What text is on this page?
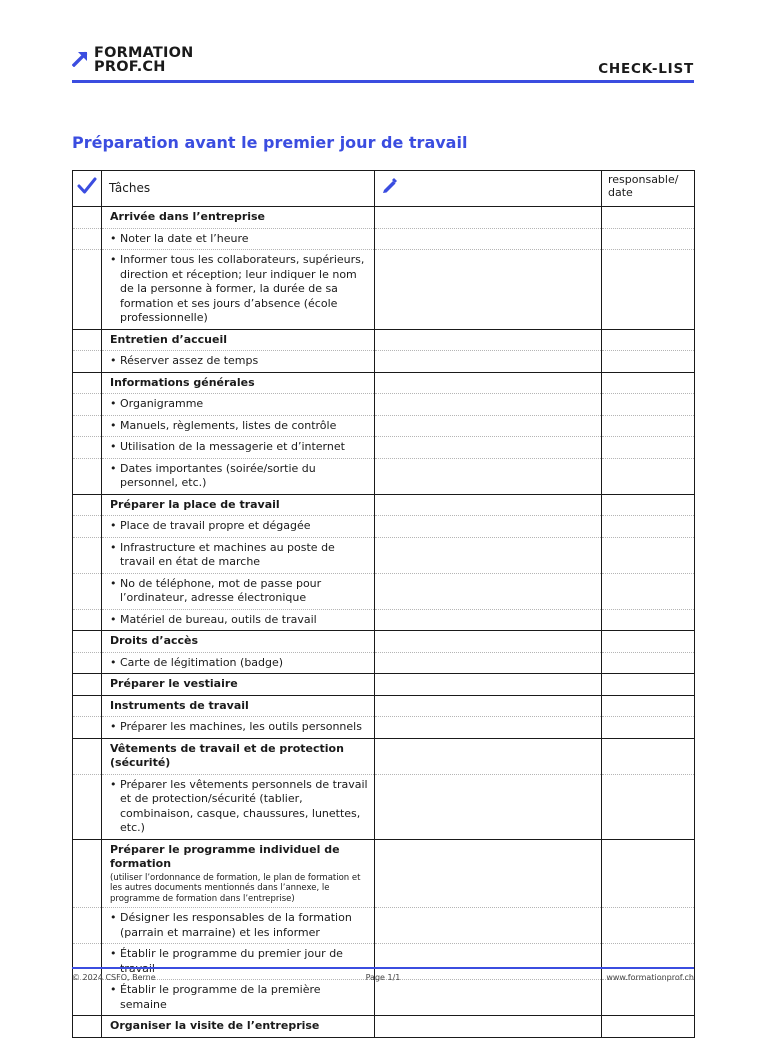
FORMATION
PROF.CH	CHECK-LIST
Préparation avant le premier jour de travail
	Tâches		responsable/ date
	Arrivée dans l’entreprise		

	• Noter la date et l’heure		

	• Informer tous les collaborateurs, supérieurs, direction et réception; leur indiquer le nom de la personne à former, la durée de sa formation et ses jours d’absence (école professionnelle)		

	Entretien d’accueil		

	• Réserver assez de temps		

	Informations générales		

	• Organigramme		

	• Manuels, règlements, listes de contrôle		

	• Utilisation de la messagerie et d’internet		

	• Dates importantes (soirée/sortie du personnel, etc.)		

	Préparer la place de travail		

	• Place de travail propre et dégagée		

	• Infrastructure et machines au poste de travail en état de marche		

	• No de téléphone, mot de passe pour l’ordinateur, adresse électronique		

	• Matériel de bureau, outils de travail		

	Droits d’accès		

	• Carte de légitimation (badge)		

	Préparer le vestiaire		
	Instruments de travail		

	• Préparer les machines, les outils personnels		

	Vêtements de travail et de protection (sécurité)		

	• Préparer les vêtements personnels de travail et de protection/sécurité (tablier, combinaison, casque, chaussures, lunettes, etc.)		

	Préparer le programme individuel de formation
(utiliser l’ordonnance de formation, le plan de formation et les autres documents mentionnés dans l’annexe, le programme de formation dans l’entreprise)		

	• Désigner les responsables de la formation (parrain et marraine) et les informer		

	• Établir le programme du premier jour de		

	• Établir le programme de la première semaine		

	Organiser la visite de l’entreprise		
© 2024 CSFO, Berne	Page 1/1	www.formationprof.ch
